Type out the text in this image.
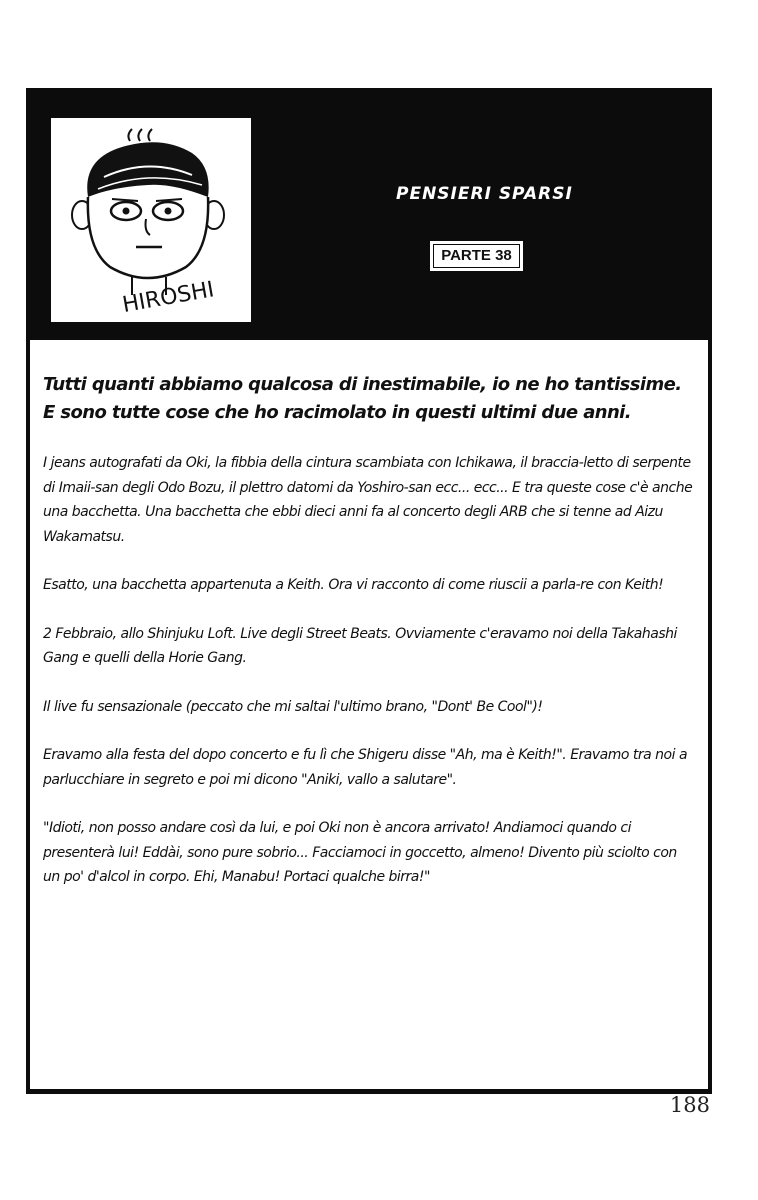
HIROSHI
PENSIERI SPARSI
PARTE 38

Tutti quanti abbiamo qualcosa di inestimabile, io ne ho tantissime.
E sono tutte cose che ho racimolato in questi ultimi due anni.

I jeans autografati da Oki, la fibbia della cintura scambiata con Ichikawa, il braccia-letto di serpente di Imaii-san degli Odo Bozu, il plettro datomi da Yoshiro-san ecc... ecc... E tra queste cose c'è anche una bacchetta. Una bacchetta che ebbi dieci anni fa al concerto degli ARB che si tenne ad Aizu Wakamatsu.

Esatto, una bacchetta appartenuta a Keith. Ora vi racconto di come riuscii a parla-re con Keith!

2 Febbraio, allo Shinjuku Loft. Live degli Street Beats. Ovviamente c'eravamo noi della Takahashi Gang e quelli della Horie Gang.

Il live fu sensazionale (peccato che mi saltai l'ultimo brano, "Dont' Be Cool")!

Eravamo alla festa del dopo concerto e fu lì che Shigeru disse "Ah, ma è Keith!". Eravamo tra noi a parlucchiare in segreto e poi mi dicono "Aniki, vallo a salutare".

"Idioti, non posso andare così da lui, e poi Oki non è ancora arrivato! Andiamoci quando ci presenterà lui! Eddài, sono pure sobrio... Facciamoci in goccetto, almeno! Divento più sciolto con un po' d'alcol in corpo. Ehi, Manabu! Portaci qualche birra!"

188
